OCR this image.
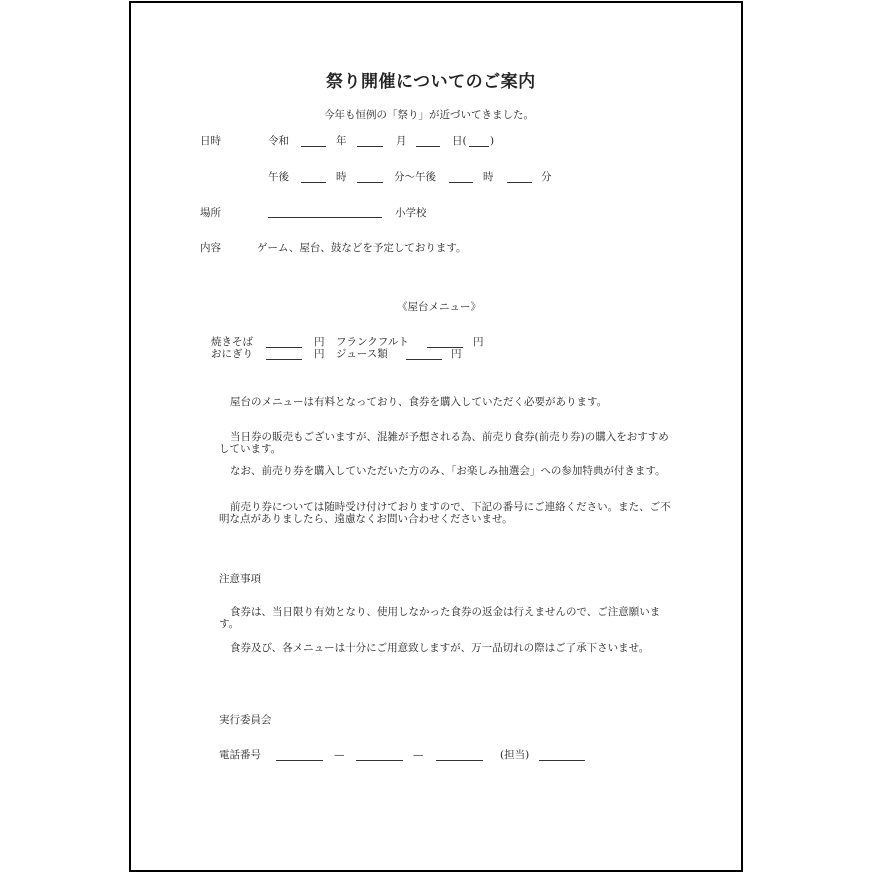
祭り開催についてのご案内
今年も恒例の「祭り」が近づいてきました。
日時	令和	年	月	日( )
午後	時	分〜午後	時	分
場所	小学校
内容	ゲーム、屋台、鼓などを予定しております。
《屋台メニュー》
焼きそば	円 フランクフルト	円
おにぎり	円 ジュース類	円
屋台のメニューは有料となっており、食券を購入していただく必要があります。
当日券の販売もございますが、混雑が予想される為、前売り食券(前売り券)の購入をおすすめしています。
なお、前売り券を購入していただいた方のみ、「お楽しみ抽選会」への参加特典が付きます。
前売り券については随時受け付けておりますので、下記の番号にご連絡ください。また、ご不明な点がありましたら、遠慮なくお問い合わせくださいませ。
注意事項
食券は、当日限り有効となり、使用しなかった食券の返金は行えませんので、ご注意願います。
食券及び、各メニューは十分にご用意致しますが、万一品切れの際はご了承下さいませ。
実行委員会
電話番号	—	—	(担当)
